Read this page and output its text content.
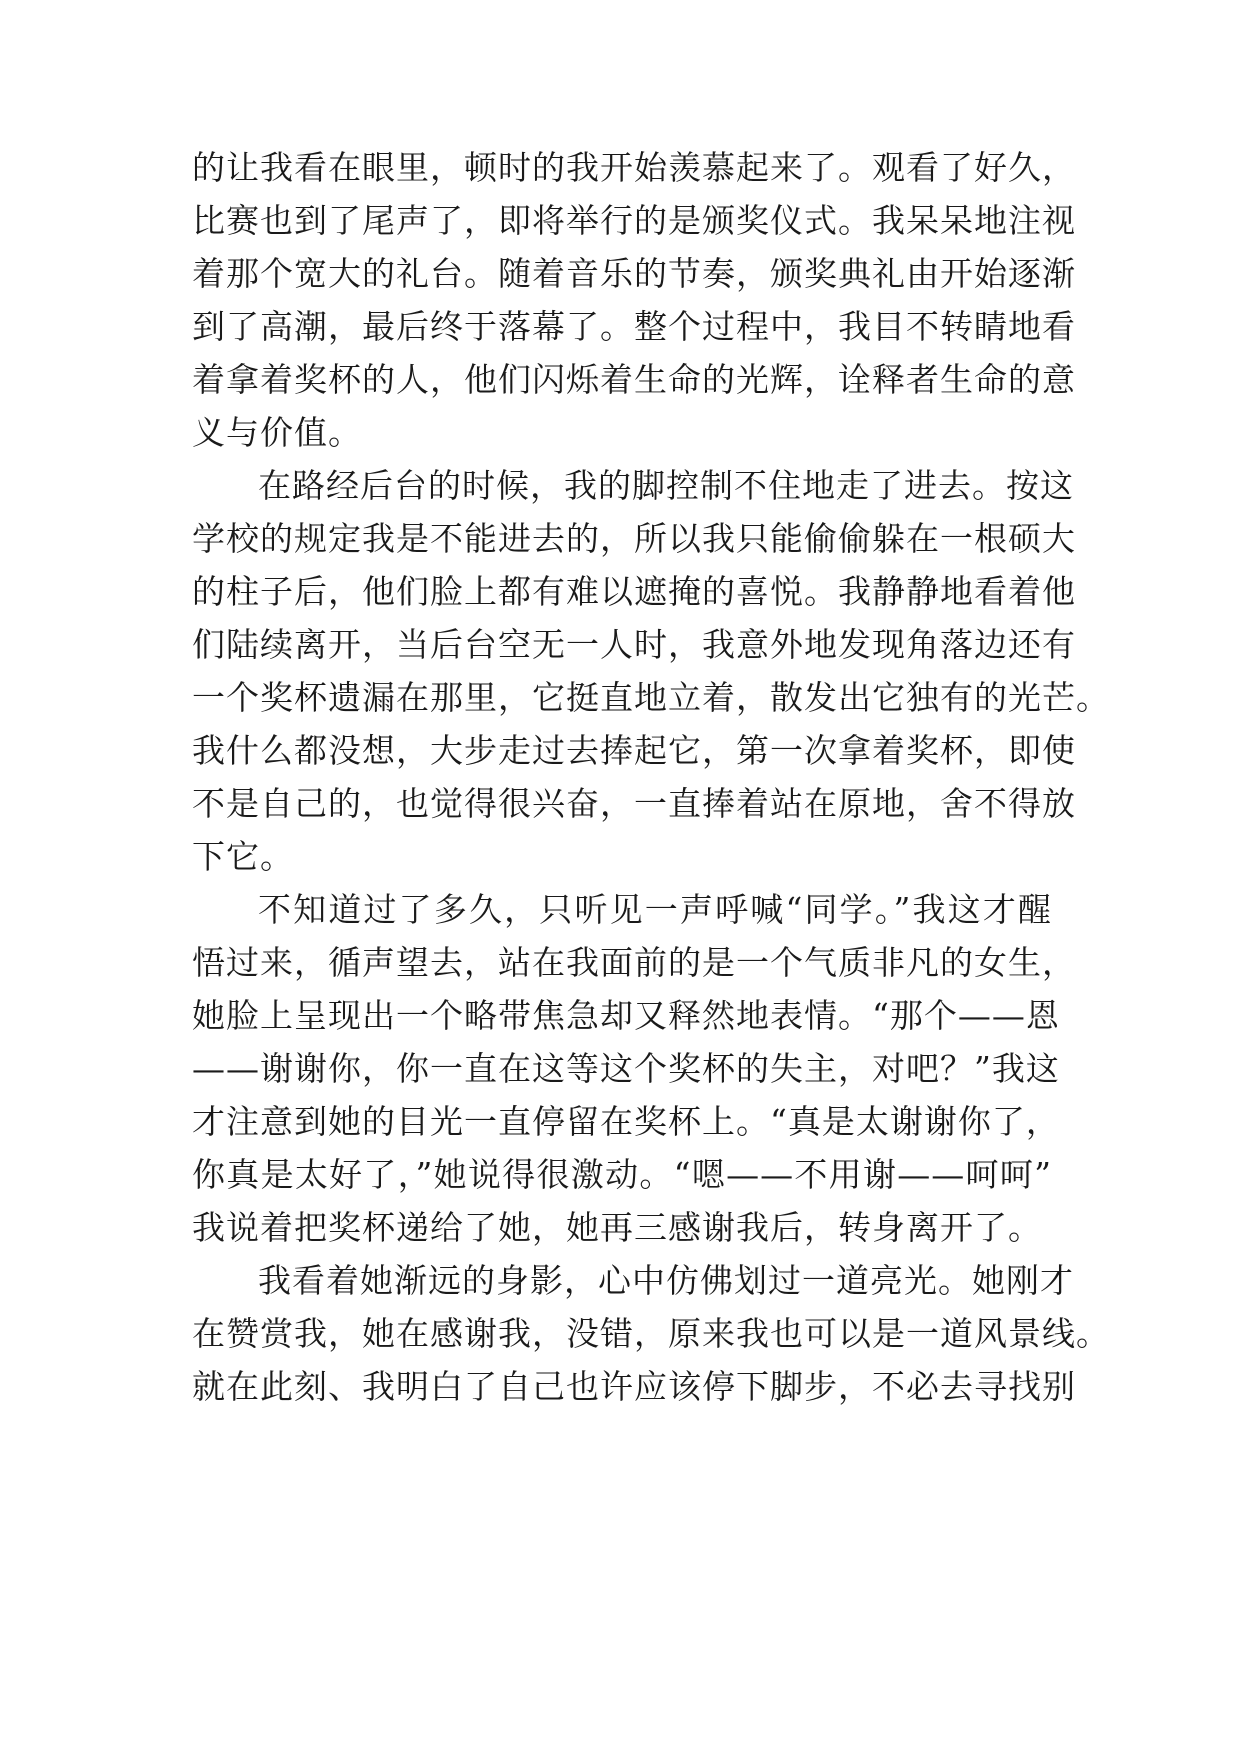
的让我看在眼里，顿时的我开始羡慕起来了。观看了好久，
比赛也到了尾声了，即将举行的是颁奖仪式。我呆呆地注视
着那个宽大的礼台。随着音乐的节奏，颁奖典礼由开始逐渐
到了高潮，最后终于落幕了。整个过程中，我目不转睛地看
着拿着奖杯的人，他们闪烁着生命的光辉，诠释者生命的意
义与价值。
在路经后台的时候，我的脚控制不住地走了进去。按这
学校的规定我是不能进去的，所以我只能偷偷躲在一根硕大
的柱子后，他们脸上都有难以遮掩的喜悦。我静静地看着他
们陆续离开，当后台空无一人时，我意外地发现角落边还有
一个奖杯遗漏在那里，它挺直地立着，散发出它独有的光芒。
我什么都没想，大步走过去捧起它，第一次拿着奖杯，即使
不是自己的，也觉得很兴奋，一直捧着站在原地，舍不得放
下它。
不知道过了多久，只听见一声呼喊“同学。”我这才醒
悟过来，循声望去，站在我面前的是一个气质非凡的女生，
她脸上呈现出一个略带焦急却又释然地表情。“那个——恩
——谢谢你，你一直在这等这个奖杯的失主，对吧？”我这
才注意到她的目光一直停留在奖杯上。“真是太谢谢你了，
你真是太好了，”她说得很激动。“嗯——不用谢——呵呵”
我说着把奖杯递给了她，她再三感谢我后，转身离开了。
我看着她渐远的身影，心中仿佛划过一道亮光。她刚才
在赞赏我，她在感谢我，没错，原来我也可以是一道风景线。
就在此刻、我明白了自己也许应该停下脚步，不必去寻找别
